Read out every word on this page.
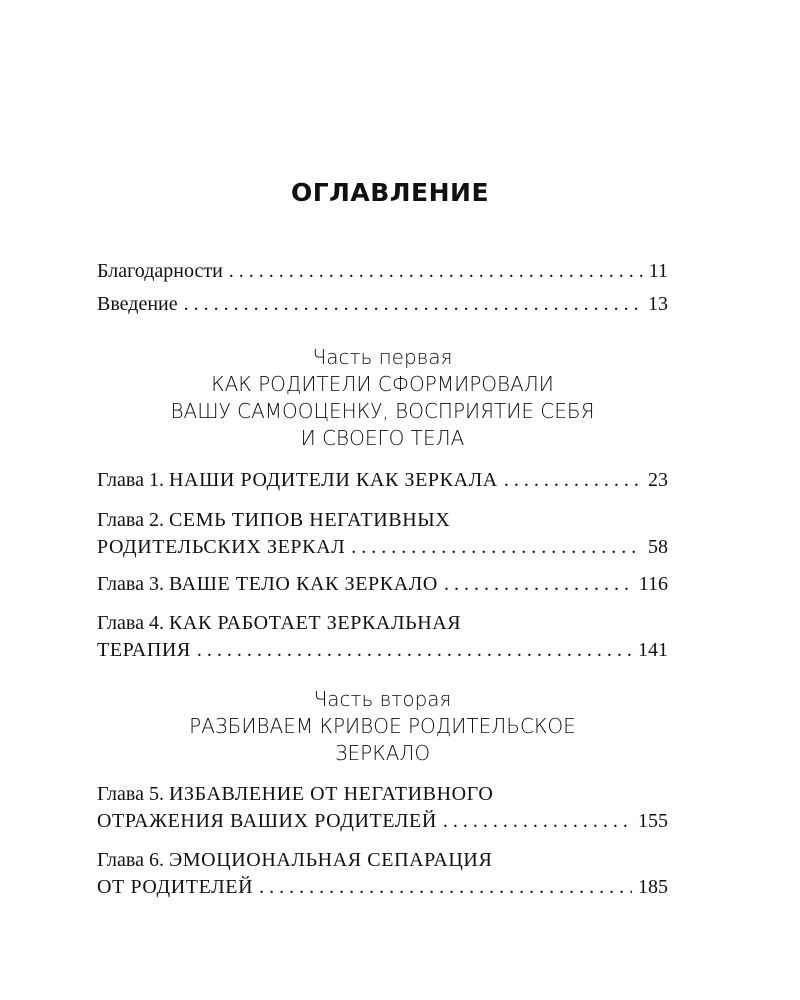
ОГЛАВЛЕНИЕ
Благодарности . . .	11
Введение . . .	13
Часть первая
КАК РОДИТЕЛИ СФОРМИРОВАЛИ
ВАШУ САМООЦЕНКУ, ВОСПРИЯТИЕ СЕБЯ
И СВОЕГО ТЕЛА
Глава 1. НАШИ РОДИТЕЛИ КАК ЗЕРКАЛА . . .	23
Глава 2. СЕМЬ ТИПОВ НЕГАТИВНЫХ
РОДИТЕЛЬСКИХ ЗЕРКАЛ . . .	58
Глава 3. ВАШЕ ТЕЛО КАК ЗЕРКАЛО . . .	116
Глава 4. КАК РАБОТАЕТ ЗЕРКАЛЬНАЯ
ТЕРАПИЯ . . .	141
Часть вторая
РАЗБИВАЕМ КРИВОЕ РОДИТЕЛЬСКОЕ
ЗЕРКАЛО
Глава 5. ИЗБАВЛЕНИЕ ОТ НЕГАТИВНОГО
ОТРАЖЕНИЯ ВАШИХ РОДИТЕЛЕЙ . . .	155
Глава 6. ЭМОЦИОНАЛЬНАЯ СЕПАРАЦИЯ
ОТ РОДИТЕЛЕЙ . . .	185
